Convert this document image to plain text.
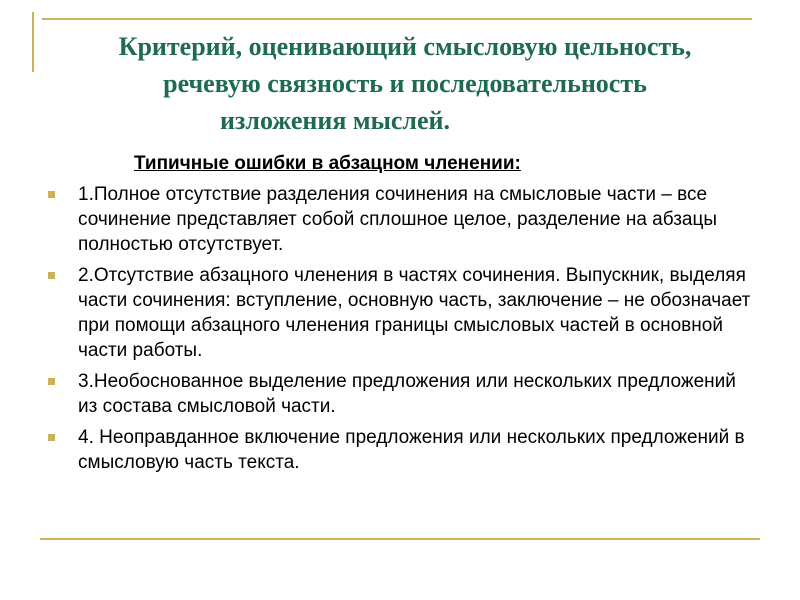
Критерий, оценивающий смысловую цельность,
речевую связность и последовательность
изложения мыслей.

Типичные ошибки в абзацном членении:

1.Полное отсутствие разделения сочинения на смысловые части – все сочинение представляет собой сплошное целое, разделение на абзацы полностью отсутствует.
2.Отсутствие абзацного членения в частях сочинения. Выпускник, выделяя части сочинения: вступление, основную часть, заключение – не обозначает при помощи абзацного членения границы смысловых частей в основной части работы.
3.Необоснованное выделение предложения или нескольких предложений из состава смысловой части.
4. Неоправданное включение предложения или нескольких предложений в смысловую часть текста.
